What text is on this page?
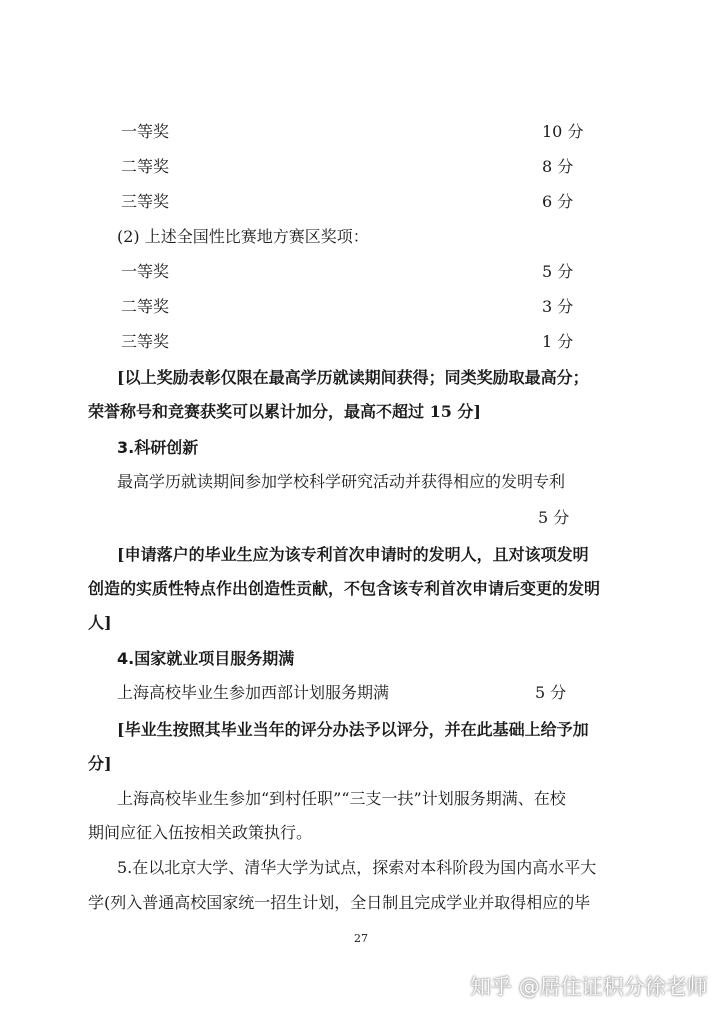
一等奖	10 分
二等奖	8 分
三等奖	6 分
(2) 上述全国性比赛地方赛区奖项：
一等奖	5 分
二等奖	3 分
三等奖	1 分
[以上奖励表彰仅限在最高学历就读期间获得；同类奖励取最高分；
荣誉称号和竞赛获奖可以累计加分，最高不超过 15 分]
3.科研创新
最高学历就读期间参加学校科学研究活动并获得相应的发明专利
5 分
[申请落户的毕业生应为该专利首次申请时的发明人，且对该项发明
创造的实质性特点作出创造性贡献，不包含该专利首次申请后变更的发明
人]
4.国家就业项目服务期满
上海高校毕业生参加西部计划服务期满	5 分
[毕业生按照其毕业当年的评分办法予以评分，并在此基础上给予加
分]
上海高校毕业生参加“到村任职”“三支一扶”计划服务期满、在校
期间应征入伍按相关政策执行。
5.在以北京大学、清华大学为试点，探索对本科阶段为国内高水平大
学(列入普通高校国家统一招生计划，全日制且完成学业并取得相应的毕
27
知乎 @居住证积分徐老师
